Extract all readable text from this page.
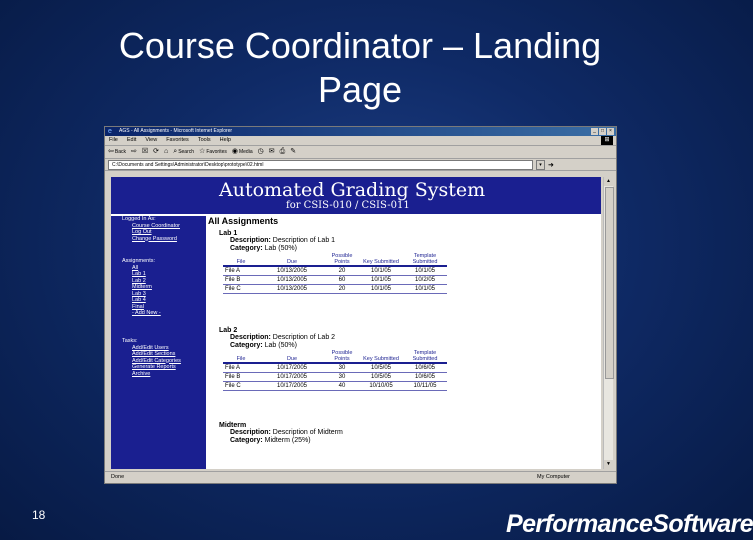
Course Coordinator – Landing
Page
e	AGS - All Assignments - Microsoft Internet Explorer	_	□	×
File Edit View Favorites Tools Help	⊞
⇦ Back ⇨ ☒ ⟳ ⌂ ⌕ Search ☆ Favorites ◉ Media ◷ ✉ ⎙ ✎
C:\Documents and Settings\Administrator\Desktop\prototype\02.html	▾ ➜
Automated Grading System
for CSIS-010 / CSIS-011
Logged In As:
Course Coordinator
Log Out
Change Password
Assignments:
All
Lab 1
Lab 2
Midterm
Lab 3
Lab 4
Final
- Add New -
Tasks:
Add/Edit Users
Add/Edit Sections
Add/Edit Categories
Generate Reports
Archive
All Assignments
Lab 1
Description: Description of Lab 1
Category: Lab (50%)
File	Due	Possible Points	Key Submitted	Template Submitted
File A	10/13/2005	20	10/1/05	10/1/05
File B	10/13/2005	60	10/1/05	10/2/05
File C	10/13/2005	20	10/1/05	10/1/05
Lab 2
Description: Description of Lab 2
Category: Lab (50%)
File	Due	Possible Points	Key Submitted	Template Submitted
File A	10/17/2005	30	10/5/05	10/6/05
File B	10/17/2005	30	10/5/05	10/6/05
File C	10/17/2005	40	10/10/05	10/11/05
Midterm
Description: Description of Midterm
Category: Midterm (25%)
▲
▼
Done	My Computer
18	PerformanceSoftware
